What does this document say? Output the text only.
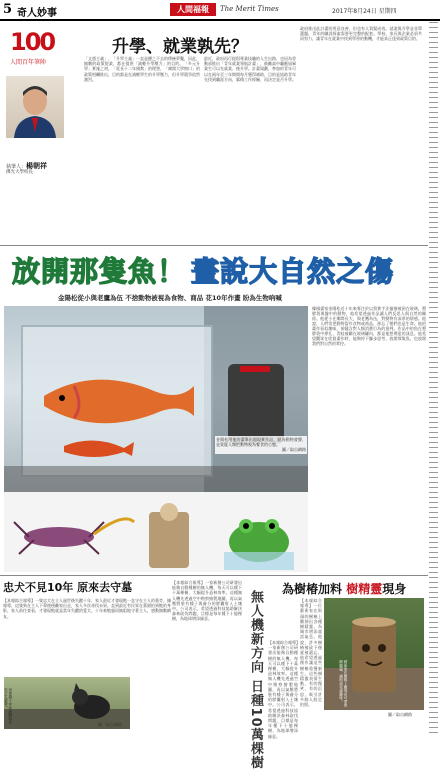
5 奇人妙事	人間福報	The Merit Times	2017年8月24日 星期四
100
人間百年筆陣
升學、就業孰先？
執筆人：楊朝祥
佛光大學校長
「文憑主義」、「升學主義」一直是擾之不去的傳統夢魘，因此，無數的政策從業，都在提供「減輕升學壓力」的目的。「多元升學」實施之初，「延長十二年國教」的理想，「廣開大學窗口」的政策相繼推出，目的都是在減輕學生的升學壓力，但升學競爭依然激烈。
最近，政府再行提倡專業技職的人生出路，也因為勞動部推出「青年就業領航計畫」，鼓勵高中職應屆畢業生可以先就業、後升學。計畫規劃，參加的青年可以在兩年至三年期間每月獲得補助，目的是協助青年先找到職涯方向，累積工作經驗，再決定是否升學。
政府推出此計畫的用意良善，但也有人質疑成效。就業與升學並非單選題，青年的職涯探索需要更完整的配套。學校、家長與企業必須共同努力，讓青年在就業中找到學習的動機，才能真正達到政策目的。
放開那隻魚！ 畫說大自然之傷
金陽松從小與老鷹為伍 不捨動物被視為食物、商品 花10年作畫 盼為生物吶喊
金陽松用他的畫筆出超現實作品，點為動物發聲，並質疑人類把動物視為餐食的心態。
圖／取自網路
韓國畫家金陽松近十年來專注於以寫實手法描繪被困在玻璃、塑膠袋與盤中的動物，他希望透過作品讓人們反思人與自然的關係。他從小在鄉間長大，與老鷹為伍，對動物有深厚的情感。他說，人們常把動物當作食物或商品，卻忘了牠們也是生命。他的畫作看似趣味，卻隱含對人類消費行為的批判。作品中的魚在塑膠袋中掙扎、青蛙被關在玻璃罐內，都是他想傳達的訊息。他希望觀眾在欣賞畫作時，能夠停下腳步思考，放開那隻魚，也放開我們對自然的掌控。
忠犬不見10年 原來去守墓
【本報綜合報導】一隻忠犬在主人過世後失蹤十年，家人最近才發現牠一直守在主人的墓旁。據報導，這隻狗在主人下葬後便離家出走，家人多次尋找未果。直到最近有民眾在墓園拍到牠的身影，家人前往查看，才發現牠就是當年失蹤的愛犬。十年來牠風雨無阻地守著主人，感動無數網友。
這隻狗十年前就開始守在主人墓旁。
圖／取自網路	無人機新方向 日種10萬棵樹
【本報綜合報導】一家新創公司研發出能夠自動種樹的無人機，每天可以種下十萬棵樹，大幅提升造林效率。這種無人機先透過空中勘察繪製地圖，再以氣壓將裝有種子與養分的膠囊射入土壤中。公司表示，希望透過科技協助解決森林砍伐問題，目標是每年種下十億棵樹，為地球增添綠意。
【本報綜合報導】一家新創公司研發出能夠自動種樹的無人機，每天可以種下十萬棵樹，大幅提升造林效率。這種無人機先透過空中勘察繪製地圖，再以氣壓將裝有種子與養分的膠囊射入土壤中。公司表示，希望透過科技協助解決森林砍伐問題，目標是每年種下十億棵樹，為地球增添綠意。
為樹椿加料 樹精靈現身
藝術家在樹椿上雕刻出可愛的樹精靈，讓街道充滿趣味。
圖／取自網路
【本報綜合報導】一位藝術家在街頭的樹椿上雕刻出各種樹精靈，為城市增添童話氣息。他說，許多樹椿被砍下後就被遺忘，他希望透過創作讓這些樹椿重獲新生。這些樹精靈表情生動，有的微笑、有的沉思，吸引許多路人駐足拍照。
